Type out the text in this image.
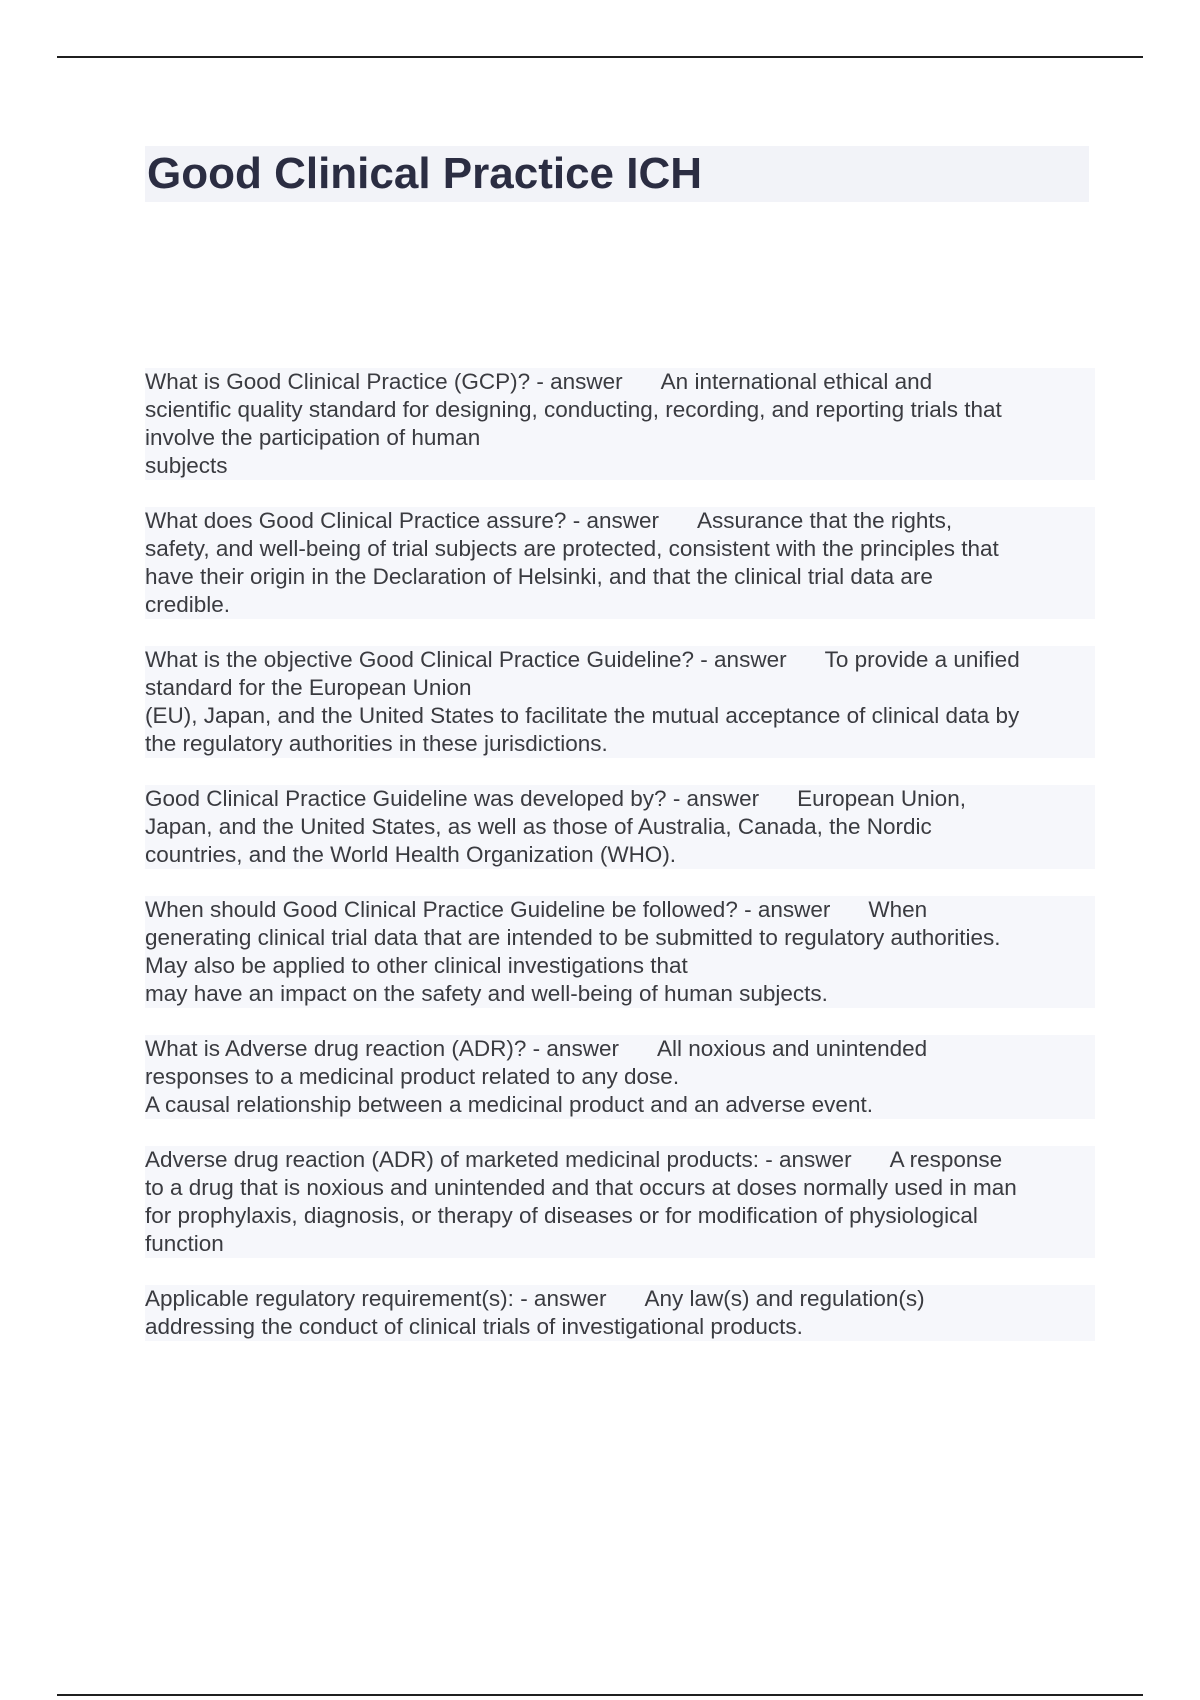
Good Clinical Practice ICH
What is Good Clinical Practice (GCP)? - answer An international ethical and
scientific quality standard for designing, conducting, recording, and reporting trials that
involve the participation of human
subjects
What does Good Clinical Practice assure? - answer Assurance that the rights,
safety, and well-being of trial subjects are protected, consistent with the principles that
have their origin in the Declaration of Helsinki, and that the clinical trial data are
credible.
What is the objective Good Clinical Practice Guideline? - answer To provide a unified
standard for the European Union
(EU), Japan, and the United States to facilitate the mutual acceptance of clinical data by
the regulatory authorities in these jurisdictions.
Good Clinical Practice Guideline was developed by? - answer European Union,
Japan, and the United States, as well as those of Australia, Canada, the Nordic
countries, and the World Health Organization (WHO).
When should Good Clinical Practice Guideline be followed? - answer When
generating clinical trial data that are intended to be submitted to regulatory authorities.
May also be applied to other clinical investigations that
may have an impact on the safety and well-being of human subjects.
What is Adverse drug reaction (ADR)? - answer All noxious and unintended
responses to a medicinal product related to any dose.
A causal relationship between a medicinal product and an adverse event.
Adverse drug reaction (ADR) of marketed medicinal products: - answer A response
to a drug that is noxious and unintended and that occurs at doses normally used in man
for prophylaxis, diagnosis, or therapy of diseases or for modification of physiological
function
Applicable regulatory requirement(s): - answer Any law(s) and regulation(s)
addressing the conduct of clinical trials of investigational products.
